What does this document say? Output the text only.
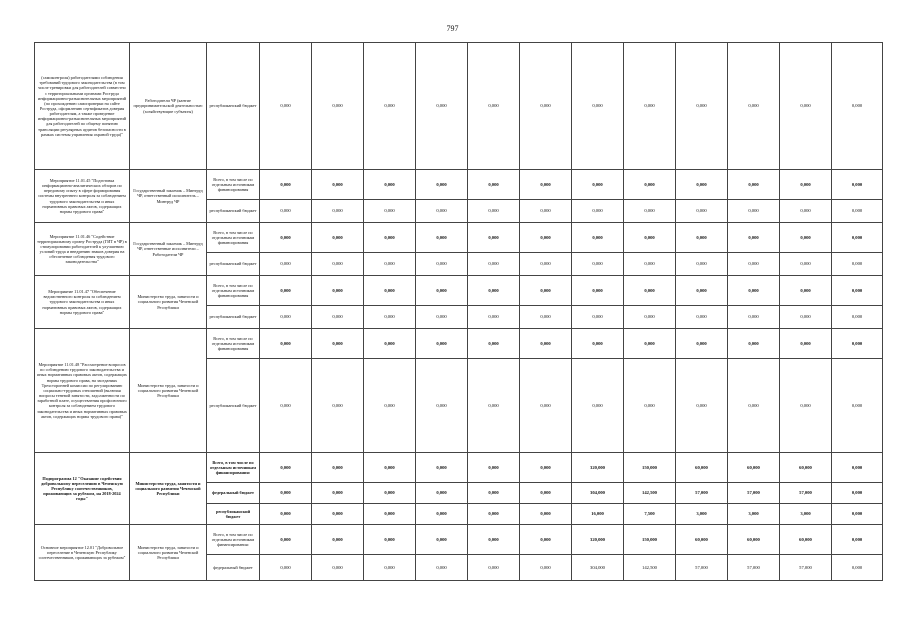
797
(самоконтроля) работодателями соблюдения требований трудового законодательства (в том числе тренировки для работодателей совместно с территориальными органами Роструда информационно-разъяснительных мероприятий (по прохождению самопроверки на сайте Роструда, оформлению сертификатов доверия работодателям, а также проведение информационно-разъяснительных мероприятий для работодателей по общему понятию трансляции регулярных аудитов безопасности в рамках системы управления охраной труда)"	Работодатели ЧР (кантие предпринимательской деятельностью (хозяйствующие субъекты)	республиканский бюджет	0,000	0,000	0,000	0,000	0,000	0,000	0,000	0,000	0,000	0,000	0,000	0,000
Мероприятие 11.01.45 "Подготовка информационно-аналитических обзоров по передовому опыту в сфере формирования системы внутреннего контроля за соблюдением трудового законодательства и иных нормативных правовых актов, содержащих нормы трудового права"	Государственный заказчик – Минтруд ЧР, ответственный исполнитель – Минтруд ЧР	Всего, в том числе по отдельным источникам финансирования	0,000	0,000	0,000	0,000	0,000	0,000	0,000	0,000	0,000	0,000	0,000	0,000
		республиканский бюджет	0,000	0,000	0,000	0,000	0,000	0,000	0,000	0,000	0,000	0,000	0,000	0,000
Мероприятие 11.01.46 "Содействие территориальному органу Роструда (ГИТ в ЧР) в стимулировании работодателей к улучшению условий труда и внедрению знаков доверия на обеспечение соблюдения трудового законодательства"	Государственный заказчик – Минтруд ЧР, ответственные исполнители – Работодатели ЧР	Всего, в том числе по отдельным источникам финансирования	0,000	0,000	0,000	0,000	0,000	0,000	0,000	0,000	0,000	0,000	0,000	0,000
		республиканский бюджет	0,000	0,000	0,000	0,000	0,000	0,000	0,000	0,000	0,000	0,000	0,000	0,000
Мероприятие 11.01.47 "Обеспечение ведомственного контроля за соблюдением трудового законодательства и иных нормативных правовых актов, содержащих нормы трудового права"	Министерство труда, занятости и социального развития Чеченской Республики	Всего, в том числе по отдельным источникам финансирования	0,000	0,000	0,000	0,000	0,000	0,000	0,000	0,000	0,000	0,000	0,000	0,000
		республиканский бюджет	0,000	0,000	0,000	0,000	0,000	0,000	0,000	0,000	0,000	0,000	0,000	0,000
Мероприятие 11.01.48 "Рассмотрение вопросов по соблюдению трудового законодательства и иных нормативных правовых актов, содержащих нормы трудового права, на заседаниях Трехсторонней комиссии по регулированию социально-трудовых отношений (включая вопросы теневой занятости, задолженности по заработной плате, осуществления профсоюзного контроля за соблюдением трудового законодательства и иных нормативных правовых актов, содержащих нормы трудового права)"	Министерство труда, занятости и социального развития Чеченской Республики	Всего, в том числе по отдельным источникам финансирования	0,000	0,000	0,000	0,000	0,000	0,000	0,000	0,000	0,000	0,000	0,000	0,000
		республиканский бюджет	0,000	0,000	0,000	0,000	0,000	0,000	0,000	0,000	0,000	0,000	0,000	0,000
Подпрограмма 12 "Оказание содействия добровольному переселению в Чеченскую Республику соотечественников, проживающих за рубежом, на 2018-2024 годы"	Министерство труда, занятости и социального развития Чеченской Республики	Всего, в том числе по отдельным источникам финансирования:	0,000	0,000	0,000	0,000	0,000	0,000	320,000	150,000	60,000	60,000	60,000	0,000
		федеральный бюджет	0,000	0,000	0,000	0,000	0,000	0,000	304,000	142,500	57,000	57,000	57,000	0,000
		республиканский бюджет	0,000	0,000	0,000	0,000	0,000	0,000	16,000	7,500	3,000	3,000	3,000	0,000
Основное мероприятие 12.01 "Добровольное переселение в Чеченскую Республику соотечественников, проживающих за рубежом"	Министерство труда, занятости и социального развития Чеченской Республики	Всего, в том числе по отдельным источникам финансирования:	0,000	0,000	0,000	0,000	0,000	0,000	320,000	150,000	60,000	60,000	60,000	0,000
		федеральный бюджет	0,000	0,000	0,000	0,000	0,000	0,000	304,000	142,500	57,000	57,000	57,000	0,000
